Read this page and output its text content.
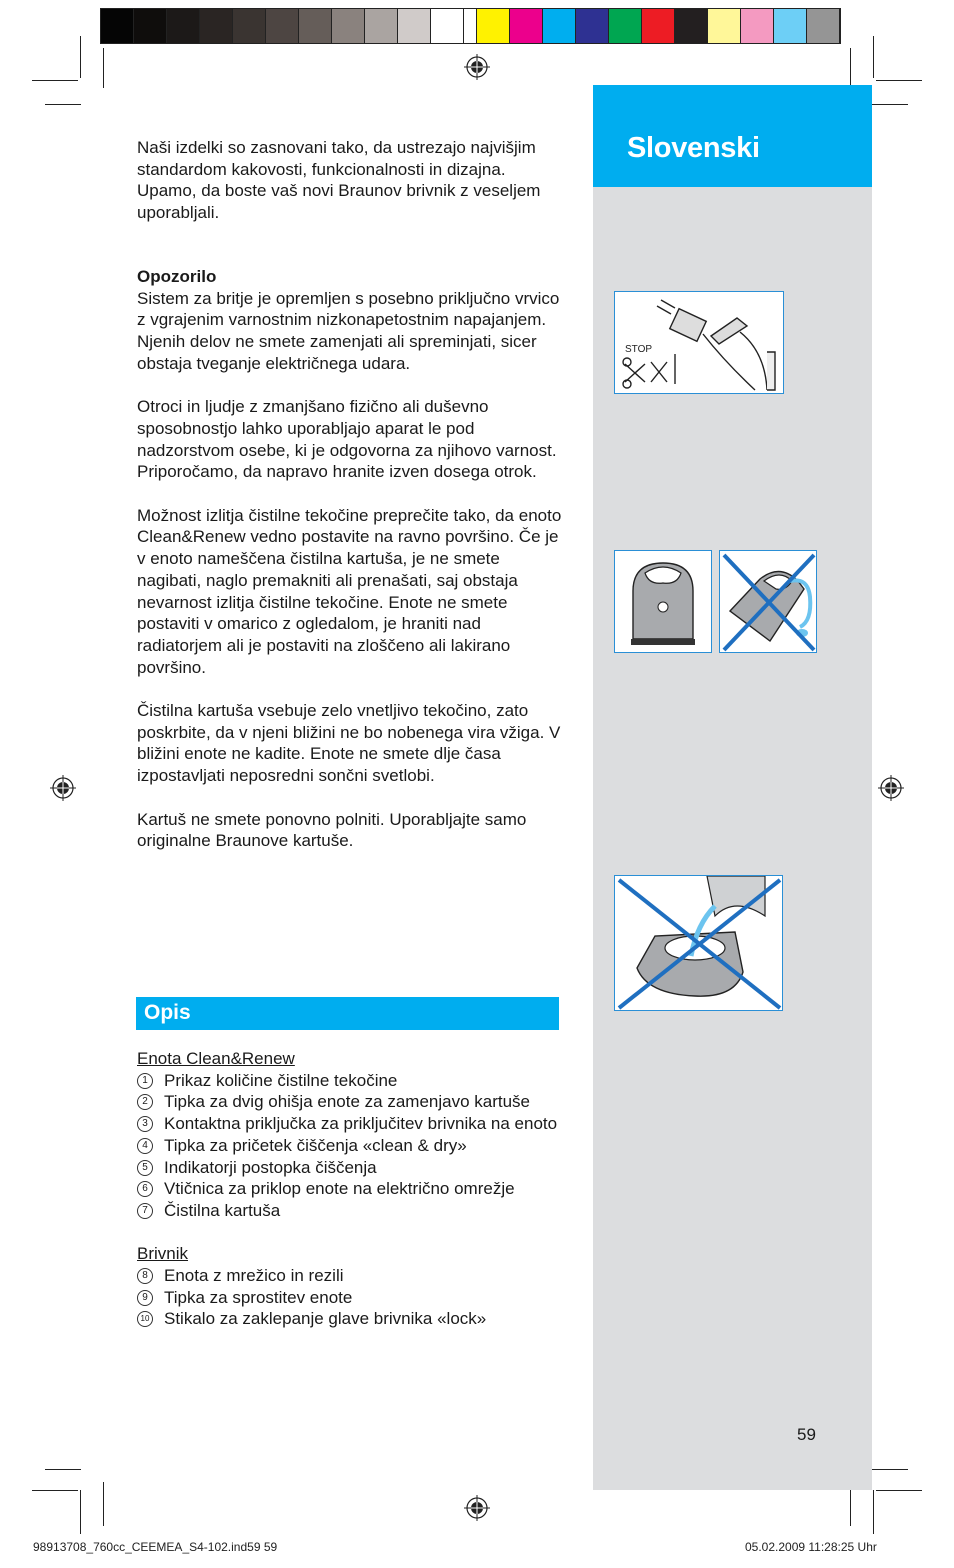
Slovenski
STOP
Naši izdelki so zasnovani tako, da ustrezajo najvišjim standardom kakovosti, funkcionalnosti in dizajna. Upamo, da boste vaš novi Braunov brivnik z veseljem uporabljali.

Opozorilo

Sistem za britje je opremljen s posebno priključno vrvico z vgrajenim varnostnim nizkonapetostnim napajanjem. Njenih delov ne smete zamenjati ali spreminjati, sicer obstaja tveganje električnega udara.

Otroci in ljudje z zmanjšano fizično ali duševno sposobnostjo lahko uporabljajo aparat le pod nadzorstvom osebe, ki je odgovorna za njihovo varnost. Priporočamo, da napravo hranite izven dosega otrok.

Možnost izlitja čistilne tekočine preprečite tako, da enoto Clean&Renew vedno postavite na ravno površino. Če je v enoto nameščena čistilna kartuša, je ne smete nagibati, naglo premakniti ali prenašati, saj obstaja nevarnost izlitja čistilne tekočine. Enote ne smete postaviti v omarico z ogledalom, je hraniti nad radiatorjem ali je postaviti na zloščeno ali lakirano površino.

Čistilna kartuša vsebuje zelo vnetljivo tekočino, zato poskrbite, da v njeni bližini ne bo nobenega vira vžiga. V bližini enote ne kadite. Enote ne smete dlje časa izpostavljati neposredni sončni svetlobi.

Kartuš ne smete ponovno polniti. Uporabljajte samo originalne Braunove kartuše.

Opis

Enota Clean&Renew

1 Prikaz količine čistilne tekočine
2 Tipka za dvig ohišja enote za zamenjavo kartuše
3 Kontaktna priključka za priključitev brivnika na enoto
4 Tipka za pričetek čiščenja «clean & dry»
5 Indikatorji postopka čiščenja
6 Vtičnica za priklop enote na električno omrežje
7 Čistilna kartuša

Brivnik

8 Enota z mrežico in rezili
9 Tipka za sprostitev enote
10 Stikalo za zaklepanje glave brivnika «lock»
59
98913708_760cc_CEEMEA_S4-102.ind59 59	05.02.2009 11:28:25 Uhr
